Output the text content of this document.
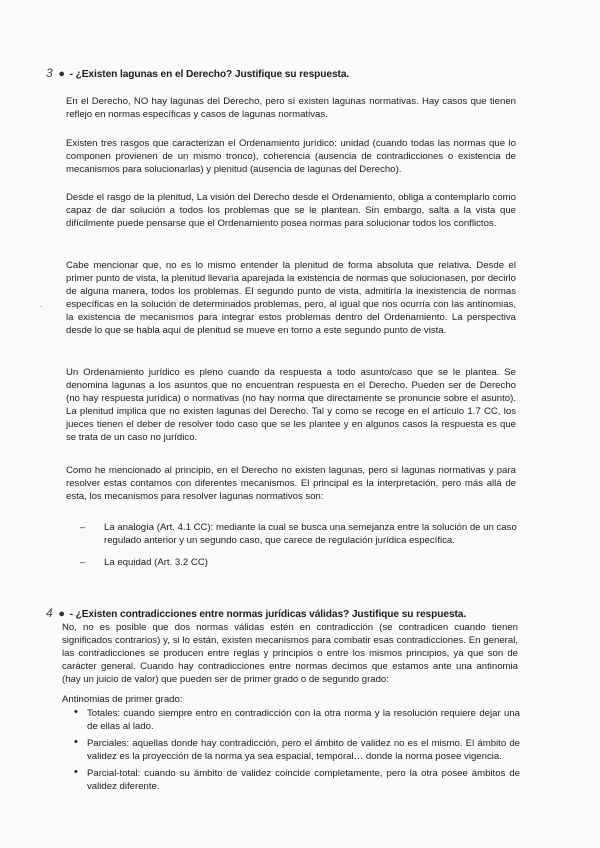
3 ● - ¿Existen lagunas en el Derecho? Justifique su respuesta.

En el Derecho, NO hay lagunas del Derecho, pero sí existen lagunas normativas. Hay casos que tienen reflejo en normas específicas y casos de lagunas normativas.

Existen tres rasgos que caracterizan el Ordenamiento jurídico: unidad (cuando todas las normas que lo componen provienen de un mismo tronco), coherencia (ausencia de contradicciones o existencia de mecanismos para solucionarlas) y plenitud (ausencia de lagunas del Derecho).

Desde el rasgo de la plenitud, La visión del Derecho desde el Ordenamiento, obliga a contemplarlo como capaz de dar solución a todos los problemas que se le plantean. Sin embargo, salta a la vista que difícilmente puede pensarse que el Ordenamiento posea normas para solucionar todos los conflictos.

Cabe mencionar que, no es lo mismo entender la plenitud de forma absoluta que relativa. Desde el primer punto de vista, la plenitud llevaría aparejada la existencia de normas que solucionasen, por decirlo de alguna manera, todos los problemas. El segundo punto de vista, admitiría la inexistencia de normas específicas en la solución de determinados problemas, pero, al igual que nos ocurría con las antinomias, la existencia de mecanismos para integrar estos problemas dentro del Ordenamiento. La perspectiva desde lo que se habla aquí de plenitud se mueve en torno a este segundo punto de vista.

˙

Un Ordenamiento jurídico es pleno cuando da respuesta a todo asunto/caso que se le plantea. Se denomina lagunas a los asuntos que no encuentran respuesta en el Derecho. Pueden ser de Derecho (no hay respuesta jurídica) o normativas (no hay norma que directamente se pronuncie sobre el asunto). La plenitud implica que no existen lagunas del Derecho. Tal y como se recoge en el artículo 1.7 CC, los jueces tienen el deber de resolver todo caso que se les plantee y en algunos casos la respuesta es que se trata de un caso no jurídico.

Como he mencionado al principio, en el Derecho no existen lagunas, pero sí lagunas normativas y para resolver estas contamos con diferentes mecanismos. El principal es la interpretación, pero más allá de esta, los mecanismos para resolver lagunas normativos son:

– La analogía (Art. 4.1 CC): mediante la cual se busca una semejanza entre la solución de un caso regulado anterior y un segundo caso, que carece de regulación jurídica específica.
– La equidad (Art. 3.2 CC)
4 ● - ¿Existen contradicciones entre normas jurídicas válidas? Justifique su respuesta.

No, no es posible que dos normas válidas estén en contradicción (se contradicen cuando tienen significados contrarios) y, si lo están, existen mecanismos para combatir esas contradicciones. En general, las contradicciones se producen entre reglas y principios o entre los mismos principios, ya que son de carácter general. Cuando hay contradicciones entre normas decimos que estamos ante una antinomia (hay un juicio de valor) que pueden ser de primer grado o de segundo grado:

Antinomias de primer grado:
• Totales: cuando siempre entro en contradicción con la otra norma y la resolución requiere dejar una de ellas al lado.
• Parciales: aquellas donde hay contradicción, pero el ámbito de validez no es el mismo. El ámbito de validez es la proyección de la norma ya sea espacial, temporal… donde la norma posee vigencia.
• Parcial-total: cuando su ámbito de validez coincide completamente, pero la otra posee ámbitos de validez diferente.
